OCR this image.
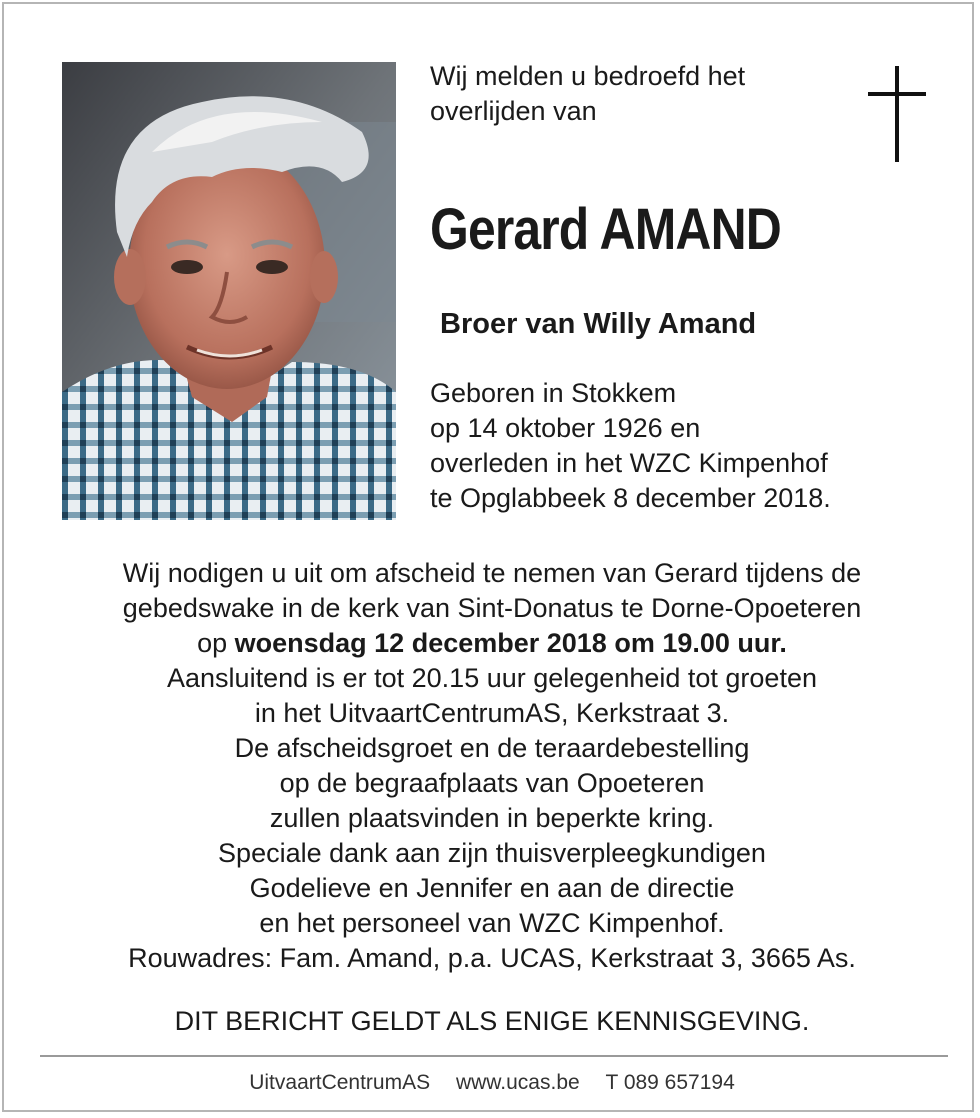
Wij melden u bedroefd het
overlijden van

Gerard AMAND

Broer van Willy Amand

Geboren in Stokkem
op 14 oktober 1926 en
overleden in het WZC Kimpenhof
te Opglabbeek 8 december 2018.

Wij nodigen u uit om afscheid te nemen van Gerard tijdens de
gebedswake in de kerk van Sint-Donatus te Dorne-Opoeteren
op woensdag 12 december 2018 om 19.00 uur.
Aansluitend is er tot 20.15 uur gelegenheid tot groeten
in het UitvaartCentrumAS, Kerkstraat 3.
De afscheidsgroet en de teraardebestelling
op de begraafplaats van Opoeteren
zullen plaatsvinden in beperkte kring.
Speciale dank aan zijn thuisverpleegkundigen
Godelieve en Jennifer en aan de directie
en het personeel van WZC Kimpenhof.
Rouwadres: Fam. Amand, p.a. UCAS, Kerkstraat 3, 3665 As.

DIT BERICHT GELDT ALS ENIGE KENNISGEVING.

UitvaartCentrumAS www.ucas.be T 089 657194
